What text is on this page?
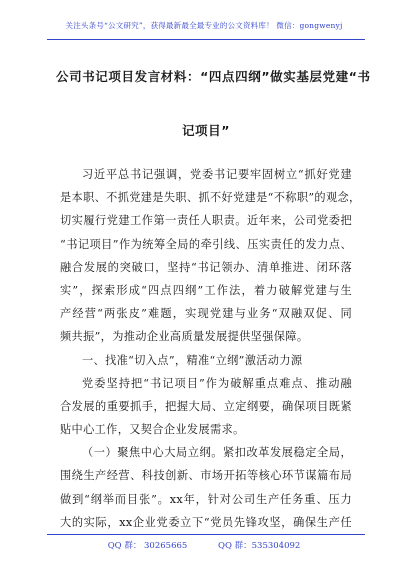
关注头条号“公文研究”，获得最新最全最专业的公文资料库！ 微信：gongwenyj
公司书记项目发言材料：“四点四纲”做实基层党建“书
记项目”
习近平总书记强调，党委书记要牢固树立“抓好党建
是本职、不抓党建是失职、抓不好党建是“不称职”的观念，
切实履行党建工作第一责任人职责。近年来，公司党委把
“书记项目”作为统筹全局的牵引线、压实责任的发力点、
融合发展的突破口，坚持“书记领办、清单推进、闭环落
实”，探索形成“四点四纲”工作法，着力破解党建与生
产经营“两张皮”难题，实现党建与业务“双融双促、同
频共振”，为推动企业高质量发展提供坚强保障。
一、找准“切入点”，精准“立纲”激活动力源
党委坚持把“书记项目”作为破解重点难点、推动融
合发展的重要抓手，把握大局、立定纲要，确保项目既紧
贴中心工作，又契合企业发展需求。
（一）聚焦中心大局立纲。紧扣改革发展稳定全局，
围绕生产经营、科技创新、市场开拓等核心环节谋篇布局
做到“纲举而目张”。xx年，针对公司生产任务重、压力
大的实际，xx企业党委立下“党员先锋攻坚，确保生产任
QQ 群： 30265665	QQ 群：535304092
